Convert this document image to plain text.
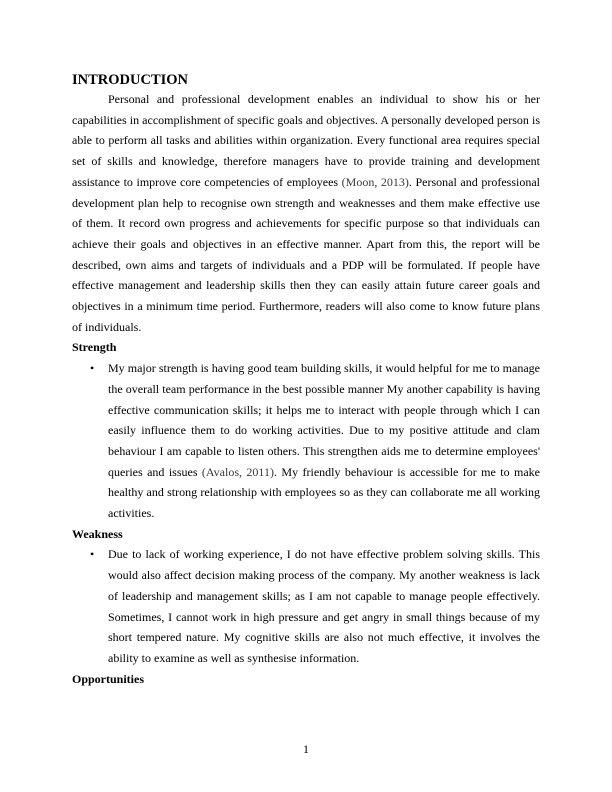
INTRODUCTION

Personal and professional development enables an individual to show his or her capabilities in accomplishment of specific goals and objectives. A personally developed person is able to perform all tasks and abilities within organization. Every functional area requires special set of skills and knowledge, therefore managers have to provide training and development assistance to improve core competencies of employees (Moon, 2013). Personal and professional development plan help to recognise own strength and weaknesses and them make effective use of them. It record own progress and achievements for specific purpose so that individuals can achieve their goals and objectives in an effective manner. Apart from this, the report will be described, own aims and targets of individuals and a PDP will be formulated. If people have effective management and leadership skills then they can easily attain future career goals and objectives in a minimum time period. Furthermore, readers will also come to know future plans of individuals.

Strength
• My major strength is having good team building skills, it would helpful for me to manage the overall team performance in the best possible manner My another capability is having effective communication skills; it helps me to interact with people through which I can easily influence them to do working activities. Due to my positive attitude and clam behaviour I am capable to listen others. This strengthen aids me to determine employees' queries and issues (Avalos, 2011). My friendly behaviour is accessible for me to make healthy and strong relationship with employees so as they can collaborate me all working activities.
Weakness
• Due to lack of working experience, I do not have effective problem solving skills. This would also affect decision making process of the company. My another weakness is lack of leadership and management skills; as I am not capable to manage people effectively. Sometimes, I cannot work in high pressure and get angry in small things because of my short tempered nature. My cognitive skills are also not much effective, it involves the ability to examine as well as synthesise information.
Opportunities
1
